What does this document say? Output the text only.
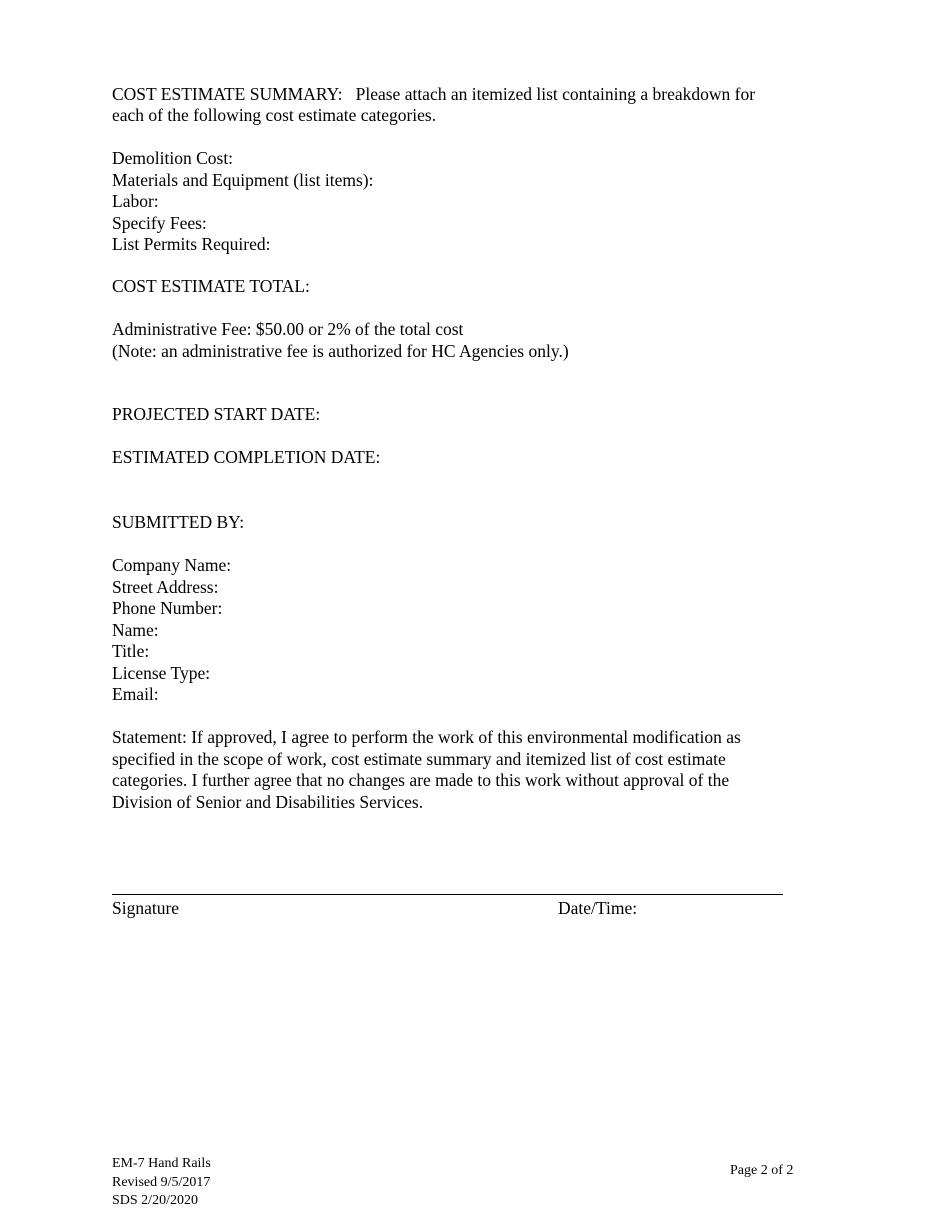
COST ESTIMATE SUMMARY: Please attach an itemized list containing a breakdown for
each of the following cost estimate categories.
Demolition Cost:
Materials and Equipment (list items):
Labor:
Specify Fees:
List Permits Required:
COST ESTIMATE TOTAL:
Administrative Fee: $50.00 or 2% of the total cost
(Note: an administrative fee is authorized for HC Agencies only.)
PROJECTED START DATE:
ESTIMATED COMPLETION DATE:
SUBMITTED BY:
Company Name:
Street Address:
Phone Number:
Name:
Title:
License Type:
Email:
Statement: If approved, I agree to perform the work of this environmental modification as
specified in the scope of work, cost estimate summary and itemized list of cost estimate
categories. I further agree that no changes are made to this work without approval of the
Division of Senior and Disabilities Services.
Signature	Date/Time:
EM-7 Hand Rails
Revised 9/5/2017
SDS 2/20/2020
Page 2 of 2
